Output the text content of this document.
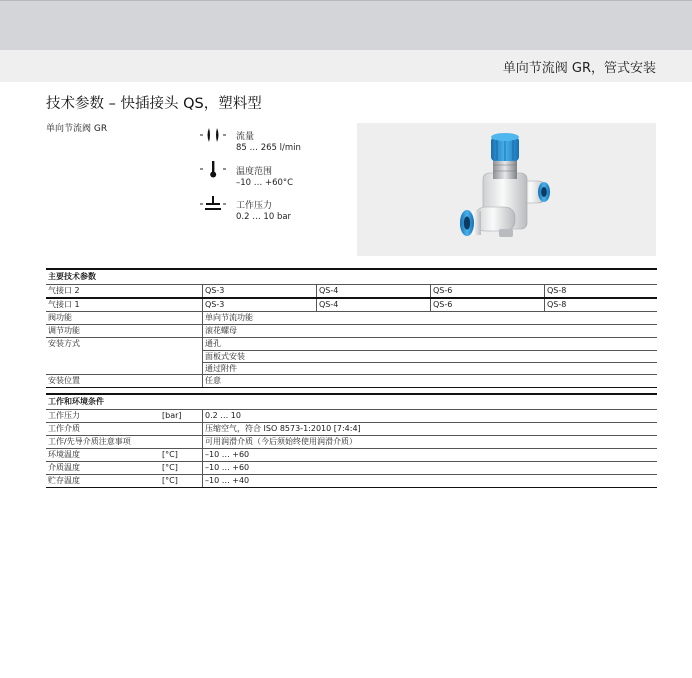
单向节流阀 GR，管式安装
技术参数 – 快插接头 QS，塑料型
单向节流阀 GR
流量
85 … 265 l/min
温度范围
–10 … +60°C
工作压力
0.2 … 10 bar
主要技术参数
气接口 2	QS-3	QS-4	QS-6	QS-8
气接口 1	QS-3	QS-4	QS-6	QS-8
阀功能	单向节流功能
调节功能	滚花螺母
安装方式	通孔
面板式安装
通过附件
安装位置	任意
工作和环境条件
工作压力	[bar]	0.2 … 10
工作介质	压缩空气，符合 ISO 8573-1:2010 [7:4:4]
工作/先导介质注意事项	可用润滑介质（今后须始终使用润滑介质）
环境温度	[°C]	–10 … +60
介质温度	[°C]	–10 … +60
贮存温度	[°C]	–10 … +40
